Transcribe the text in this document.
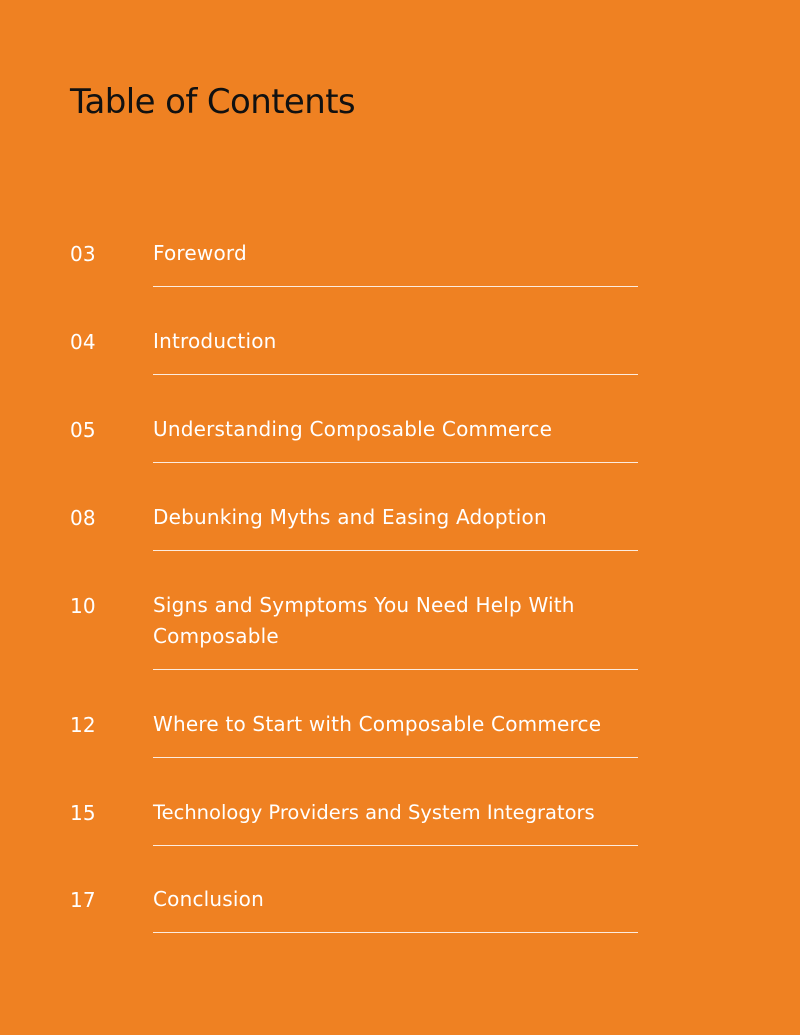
Table of Contents
03	Foreword
04	Introduction
05	Understanding Composable Commerce
08	Debunking Myths and Easing Adoption
10	Signs and Symptoms You Need Help With Composable
12	Where to Start with Composable Commerce
15	Technology Providers and System Integrators
17	Conclusion
